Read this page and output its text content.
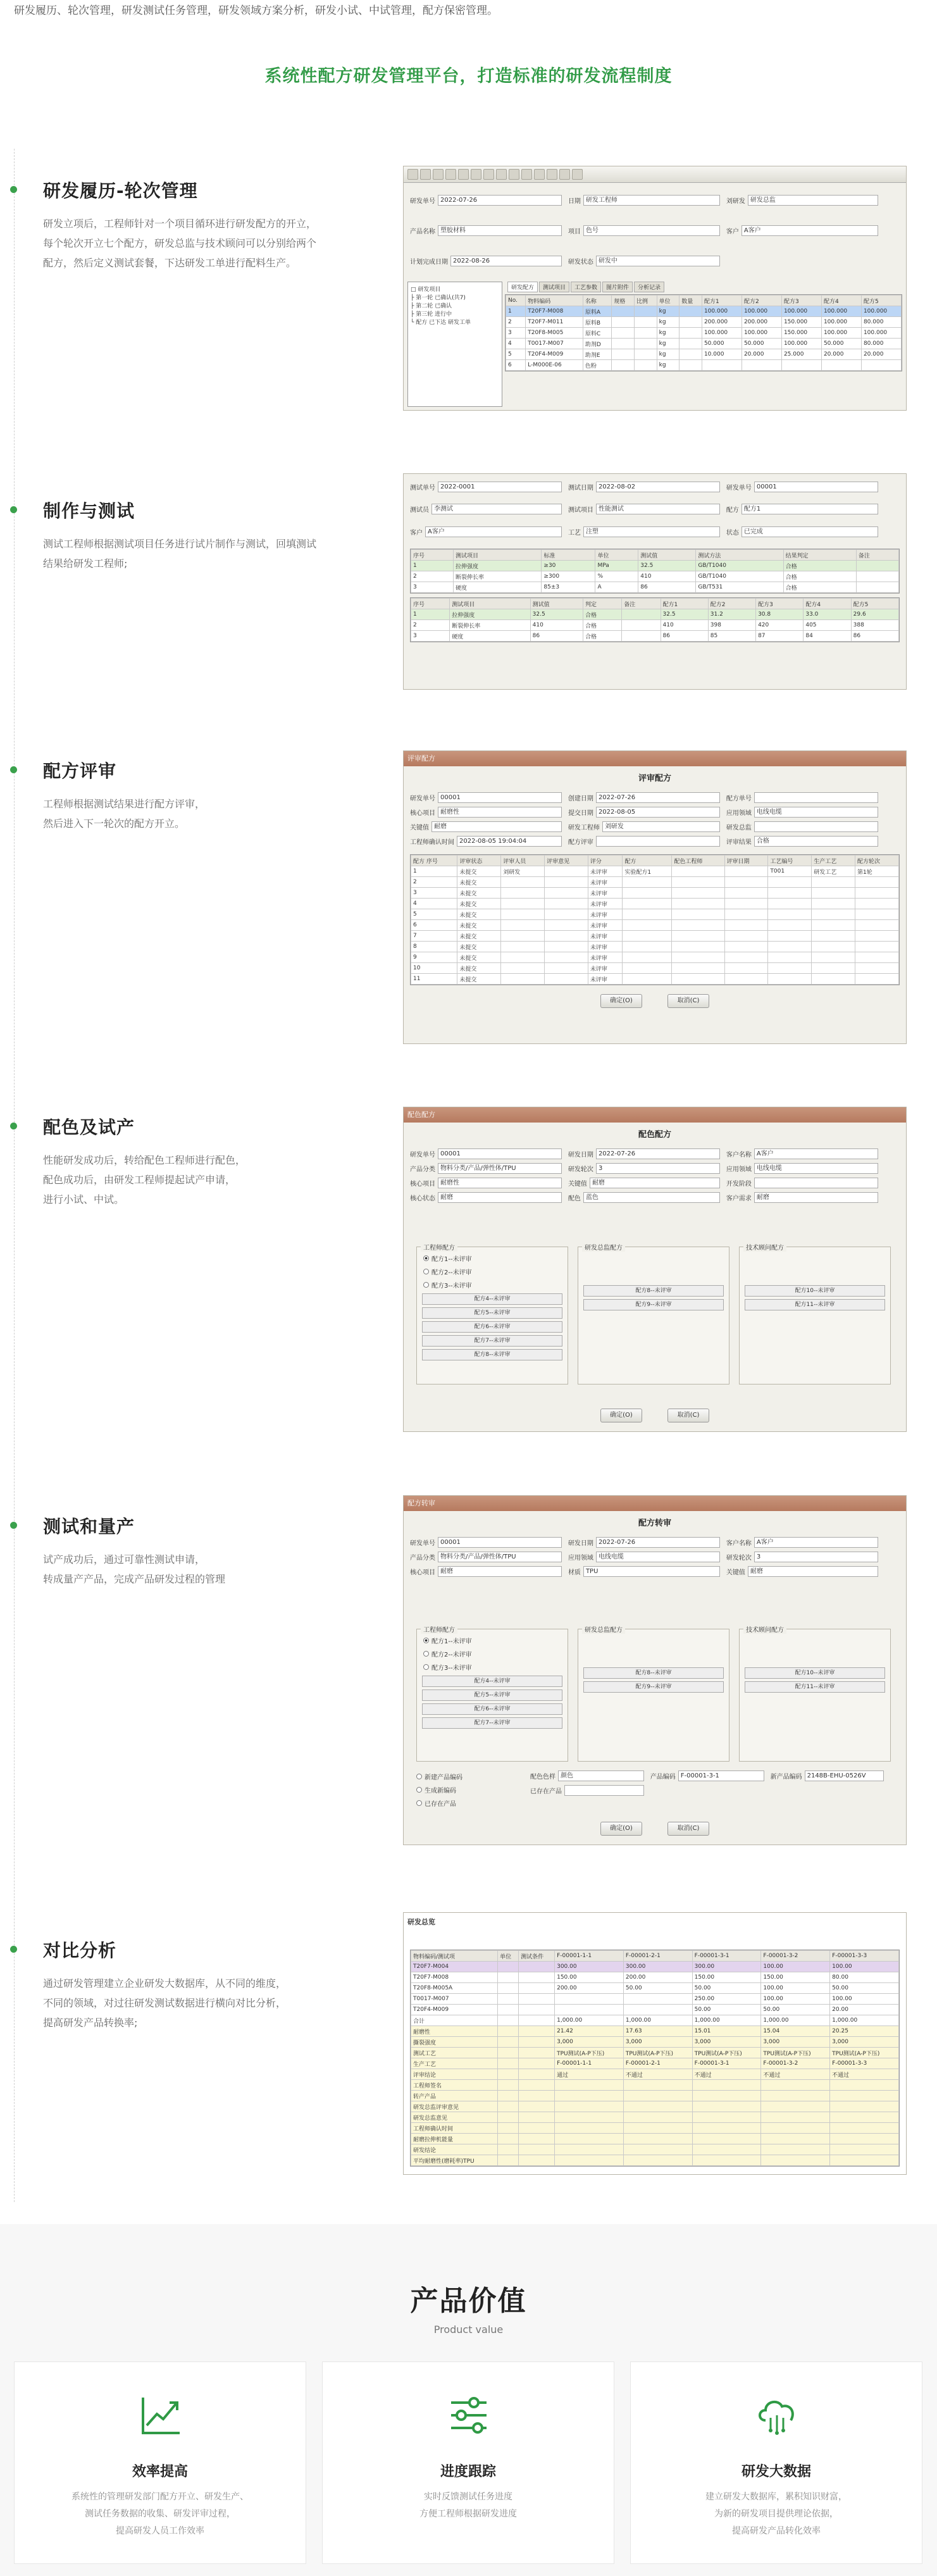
研发履历、轮次管理，研发测试任务管理，研发领域方案分析，研发小试、中试管理，配方保密管理。
系统性配方研发管理平台，打造标准的研发流程制度
研发履历-轮次管理
研发立项后，工程师针对一个项目循环进行研发配方的开立，
每个轮次开立七个配方，研发总监与技术顾问可以分别给两个
配方，然后定义测试套餐，下达研发工单进行配料生产。
制作与测试
测试工程师根据测试项目任务进行试片制作与测试，回填测试
结果给研发工程师;
配方评审
工程师根据测试结果进行配方评审，
然后进入下一轮次的配方开立。
配色及试产
性能研发成功后，转给配色工程师进行配色，
配色成功后，由研发工程师提起试产申请，
进行小试、中试。
测试和量产
试产成功后，通过可靠性测试申请，
转成量产产品，完成产品研发过程的管理
对比分析
通过研发管理建立企业研发大数据库，从不同的维度，
不同的领域，对过往研发测试数据进行横向对比分析，
提高研发产品转换率;
研发单号 2022-07-26	日期 研发工程师	刘研发 研发总监
产品名称 塑胶材料	项目 色号	客户 A客户
计划完成日期 2022-08-26	研发状态 研发中
□ 研发项目
├ 第一轮 已确认(共7)
├ 第二轮 已确认
├ 第三轮 进行中
└ 配方 已下达 研发工单
研发配方	测试项目	工艺参数	图片附件	分析记录
No.	物料编码	名称	规格	比例	单位	数量	配方1	配方2	配方3	配方4	配方5
1	T20F7-M008	原料A			kg		100.000	100.000	100.000	100.000	100.000
2	T20F7-M011	原料B			kg		200.000	200.000	150.000	100.000	80.000
3	T20F8-M005	原料C			kg		100.000	100.000	150.000	100.000	100.000
4	T0017-M007	助剂D			kg		50.000	50.000	100.000	50.000	80.000
5	T20F4-M009	助剂E			kg		10.000	20.000	25.000	20.000	20.000
6	L-M000E-06	色粉			kg						
测试单号 2022-0001	测试日期 2022-08-02	研发单号 00001
测试员 李测试	测试项目 性能测试	配方 配方1
客户 A客户	工艺 注塑	状态 已完成
序号	测试项目	标准	单位	测试值	测试方法	结果判定	备注
1	拉伸强度	≥30	MPa	32.5	GB/T1040	合格	
2	断裂伸长率	≥300	%	410	GB/T1040	合格	
3	硬度	85±3	A	86	GB/T531	合格	
序号	测试项目	测试值	判定	备注	配方1	配方2	配方3	配方4	配方5
1	拉伸强度	32.5	合格		32.5	31.2	30.8	33.0	29.6
2	断裂伸长率	410	合格		410	398	420	405	388
3	硬度	86	合格		86	85	87	84	86
评审配方
评审配方
研发单号 00001	创建日期 2022-07-26	配方单号
核心项目 耐磨性	提交日期 2022-08-05	应用领域 电线电缆
关键值 耐磨	研发工程师 刘研发	研发总监
工程师确认时间 2022-08-05 19:04:04	配方评审	评审结果 合格
配方 序号	评审状态	评审人员	评审意见	评分	配方	配色工程师	评审日期	工艺编号	生产工艺	配方轮次
1	未提交	刘研发		未评审	实验配方1			T001	研发工艺	第1轮
2	未提交			未评审						
3	未提交			未评审						
4	未提交			未评审						
5	未提交			未评审						
6	未提交			未评审						
7	未提交			未评审						
8	未提交			未评审						
9	未提交			未评审						
10	未提交			未评审						
11	未提交			未评审						
确定(O)	取消(C)
配色配方
配色配方
研发单号 00001	研发日期 2022-07-26	客户名称 A客户
产品分类 物料分类/产品/弹性体/TPU	研发轮次 3	应用领域 电线电缆
核心项目 耐磨性	关键值 耐磨	开发阶段
核心状态 耐磨	配色 蓝色	客户需求 耐磨
工程师配方
配方1--未评审
配方2--未评审
配方3--未评审
配方4--未评审
配方5--未评审
配方6--未评审
配方7--未评审
配方8--未评审
研发总监配方
配方8--未评审
配方9--未评审
技术顾问配方
配方10--未评审
配方11--未评审
确定(O)	取消(C)
配方转审
配方转审
研发单号 00001	研发日期 2022-07-26	客户名称 A客户
产品分类 物料分类/产品/弹性体/TPU	应用领域 电线电缆	研发轮次 3
核心项目 耐磨	材质 TPU	关键值 耐磨
工程师配方
配方1--未评审
配方2--未评审
配方3--未评审
配方4--未评审
配方5--未评审
配方6--未评审
配方7--未评审
研发总监配方
配方8--未评审
配方9--未评审
技术顾问配方
配方10--未评审
配方11--未评审
新建产品编码
生成新编码
已存在产品
配色色样 颜色	产品编码 F-00001-3-1	新产品编码 2148B-EHU-0526V
已存在产品
确定(O)	取消(C)
研发总览
物料编码/测试项	单位	测试条件	F-00001-1-1	F-00001-2-1	F-00001-3-1	F-00001-3-2	F-00001-3-3
T20F7-M004			300.00	300.00	300.00	100.00	100.00
T20F7-M008			150.00	200.00	150.00	150.00	80.00
T20F8-M005A			200.00	50.00	50.00	100.00	50.00
T0017-M007					250.00	100.00	100.00
T20F4-M009					50.00	50.00	20.00
合计			1,000.00	1,000.00	1,000.00	1,000.00	1,000.00
耐磨性			21.42	17.63	15.01	15.04	20.25
撕裂强度			3,000	3,000	3,000	3,000	3,000
测试工艺			TPU测试(A-P下压)	TPU测试(A-P下压)	TPU测试(A-P下压)	TPU测试(A-P下压)	TPU测试(A-P下压)
生产工艺			F-00001-1-1	F-00001-2-1	F-00001-3-1	F-00001-3-2	F-00001-3-3
评审结论			通过	不通过	不通过	不通过	不通过
工程师签名							
转产产品							
研发总监评审意见							
研发总监意见							
工程师确认时间							
耐磨拉伸机能量							
研发结论							
平均耐磨性(磨耗率)TPU							
产品价值
Product value
效率提高
系统性的管理研发部门配方开立、研发生产、
测试任务数据的收集、研发评审过程，
提高研发人员工作效率
进度跟踪
实时反馈测试任务进度
方便工程师根据研发进度
研发大数据
建立研发大数据库，累积知识财富，
为新的研发项目提供理论依据，
提高研发产品转化效率
